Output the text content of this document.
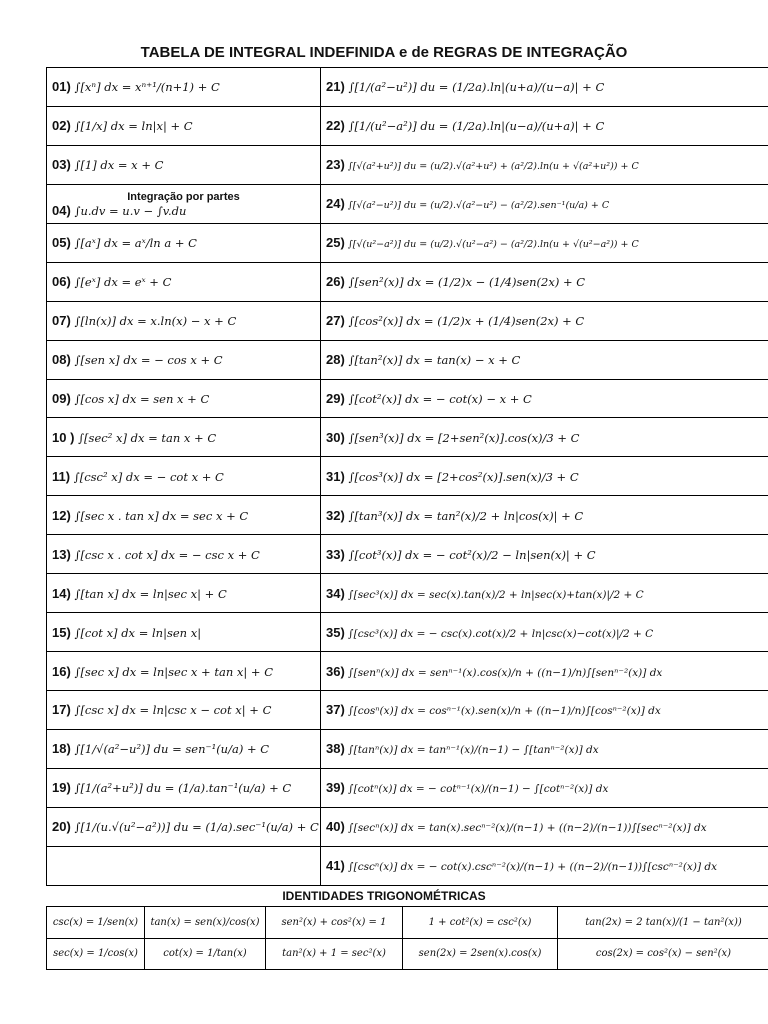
TABELA DE INTEGRAL INDEFINIDA e de REGRAS DE INTEGRAÇÃO
01) ∫[xⁿ] dx = xⁿ⁺¹/(n+1) + C	21) ∫[1/(a²−u²)] du = (1/2a).ln|(u+a)/(u−a)| + C
02) ∫[1/x] dx = ln|x| + C	22) ∫[1/(u²−a²)] du = (1/2a).ln|(u−a)/(u+a)| + C
03) ∫[1] dx = x + C	23) ∫[√(a²+u²)] du = (u/2).√(a²+u²) + (a²/2).ln(u + √(a²+u²)) + C

Integração por partes
04) ∫u.dv = u.v − ∫v.du	24) ∫[√(a²−u²)] du = (u/2).√(a²−u²) − (a²/2).sen⁻¹(u/a) + C
05) ∫[aˣ] dx = aˣ/ln a + C	25) ∫[√(u²−a²)] du = (u/2).√(u²−a²) − (a²/2).ln(u + √(u²−a²)) + C
06) ∫[eˣ] dx = eˣ + C	26) ∫[sen²(x)] dx = (1/2)x − (1/4)sen(2x) + C
07) ∫[ln(x)] dx = x.ln(x) − x + C	27) ∫[cos²(x)] dx = (1/2)x + (1/4)sen(2x) + C
08) ∫[sen x] dx = − cos x + C	28) ∫[tan²(x)] dx = tan(x) − x + C
09) ∫[cos x] dx = sen x + C	29) ∫[cot²(x)] dx = − cot(x) − x + C
10 ) ∫[sec² x] dx = tan x + C	30) ∫[sen³(x)] dx = [2+sen²(x)].cos(x)/3 + C
11) ∫[csc² x] dx = − cot x + C	31) ∫[cos³(x)] dx = [2+cos²(x)].sen(x)/3 + C
12) ∫[sec x . tan x] dx = sec x + C	32) ∫[tan³(x)] dx = tan²(x)/2 + ln|cos(x)| + C
13) ∫[csc x . cot x] dx = − csc x + C	33) ∫[cot³(x)] dx = − cot²(x)/2 − ln|sen(x)| + C
14) ∫[tan x] dx = ln|sec x| + C	34) ∫[sec³(x)] dx = sec(x).tan(x)/2 + ln|sec(x)+tan(x)|/2 + C
15) ∫[cot x] dx = ln|sen x|	35) ∫[csc³(x)] dx = − csc(x).cot(x)/2 + ln|csc(x)−cot(x)|/2 + C
16) ∫[sec x] dx = ln|sec x + tan x| + C	36) ∫[senⁿ(x)] dx = senⁿ⁻¹(x).cos(x)/n + ((n−1)/n)∫[senⁿ⁻²(x)] dx
17) ∫[csc x] dx = ln|csc x − cot x| + C	37) ∫[cosⁿ(x)] dx = cosⁿ⁻¹(x).sen(x)/n + ((n−1)/n)∫[cosⁿ⁻²(x)] dx
18) ∫[1/√(a²−u²)] du = sen⁻¹(u/a) + C	38) ∫[tanⁿ(x)] dx = tanⁿ⁻¹(x)/(n−1) − ∫[tanⁿ⁻²(x)] dx
19) ∫[1/(a²+u²)] du = (1/a).tan⁻¹(u/a) + C	39) ∫[cotⁿ(x)] dx = − cotⁿ⁻¹(x)/(n−1) − ∫[cotⁿ⁻²(x)] dx
20) ∫[1/(u.√(u²−a²))] du = (1/a).sec⁻¹(u/a) + C	40) ∫[secⁿ(x)] dx = tan(x).secⁿ⁻²(x)/(n−1) + ((n−2)/(n−1))∫[secⁿ⁻²(x)] dx
	41) ∫[cscⁿ(x)] dx = − cot(x).cscⁿ⁻²(x)/(n−1) + ((n−2)/(n−1))∫[cscⁿ⁻²(x)] dx
IDENTIDADES TRIGONOMÉTRICAS
csc(x) = 1/sen(x)	tan(x) = sen(x)/cos(x)	sen²(x) + cos²(x) = 1	1 + cot²(x) = csc²(x)	tan(2x) = 2 tan(x)/(1 − tan²(x))
sec(x) = 1/cos(x)	cot(x) = 1/tan(x)	tan²(x) + 1 = sec²(x)	sen(2x) = 2sen(x).cos(x)	cos(2x) = cos²(x) − sen²(x)
